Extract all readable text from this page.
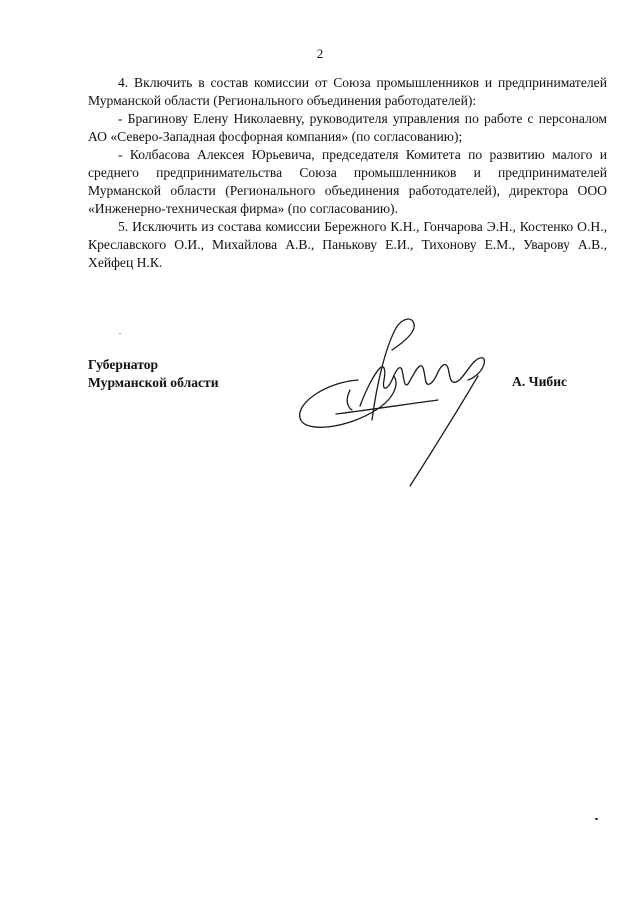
2

4. Включить в состав комиссии от Союза промышленников и предпринимателей Мурманской области (Регионального объединения работодателей):

- Брагинову Елену Николаевну, руководителя управления по работе с персоналом АО «Северо-Западная фосфорная компания» (по согласованию);

- Колбасова Алексея Юрьевича, председателя Комитета по развитию малого и среднего предпринимательства Союза промышленников и предпринимателей Мурманской области (Регионального объединения работодателей), директора ООО «Инженерно-техническая фирма» (по согласованию).

5. Исключить из состава комиссии Бережного К.Н., Гончарова Э.Н., Костенко О.Н., Креславского О.И., Михайлова А.В., Панькову Е.И., Тихонову Е.М., Уварову А.В., Хейфец Н.К.

Губернатор
Мурманской области	А. Чибис
